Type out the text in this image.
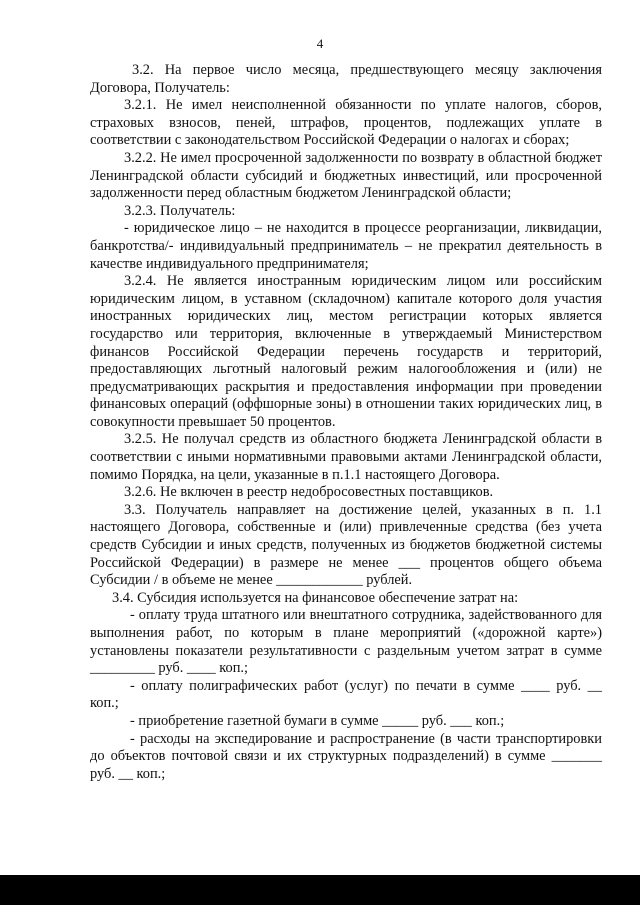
4

3.2. На первое число месяца, предшествующего месяцу заключения Договора, Получатель:

3.2.1. Не имел неисполненной обязанности по уплате налогов, сборов, страховых взносов, пеней, штрафов, процентов, подлежащих уплате в соответствии с законодательством Российской Федерации о налогах и сборах;

3.2.2. Не имел просроченной задолженности по возврату в областной бюджет Ленинградской области субсидий и бюджетных инвестиций, или просроченной задолженности перед областным бюджетом Ленинградской области;

3.2.3. Получатель:

- юридическое лицо – не находится в процессе реорганизации, ликвидации, банкротства/- индивидуальный предприниматель – не прекратил деятельность в качестве индивидуального предпринимателя;

3.2.4. Не является иностранным юридическим лицом или российским юридическим лицом, в уставном (складочном) капитале которого доля участия иностранных юридических лиц, местом регистрации которых является государство или территория, включенные в утверждаемый Министерством финансов Российской Федерации перечень государств и территорий, предоставляющих льготный налоговый режим налогообложения и (или) не предусматривающих раскрытия и предоставления информации при проведении финансовых операций (оффшорные зоны) в отношении таких юридических лиц, в совокупности превышает 50 процентов.

3.2.5. Не получал средств из областного бюджета Ленинградской области в соответствии с иными нормативными правовыми актами Ленинградской области, помимо Порядка, на цели, указанные в п.1.1 настоящего Договора.

3.2.6. Не включен в реестр недобросовестных поставщиков.

3.3. Получатель направляет на достижение целей, указанных в п. 1.1 настоящего Договора, собственные и (или) привлеченные средства (без учета средств Субсидии и иных средств, полученных из бюджетов бюджетной системы Российской Федерации) в размере не менее ___ процентов общего объема Субсидии / в объеме не менее ____________ рублей.

3.4. Субсидия используется на финансовое обеспечение затрат на:

- оплату труда штатного или внештатного сотрудника, задействованного для выполнения работ, по которым в плане мероприятий («дорожной карте») установлены показатели результативности с раздельным учетом затрат в сумме _________ руб. ____ коп.;

- оплату полиграфических работ (услуг) по печати в сумме ____ руб. __ коп.;

- приобретение газетной бумаги в сумме _____ руб. ___ коп.;

- расходы на экспедирование и распространение (в части транспортировки до объектов почтовой связи и их структурных подразделений) в сумме _______ руб. __ коп.;
